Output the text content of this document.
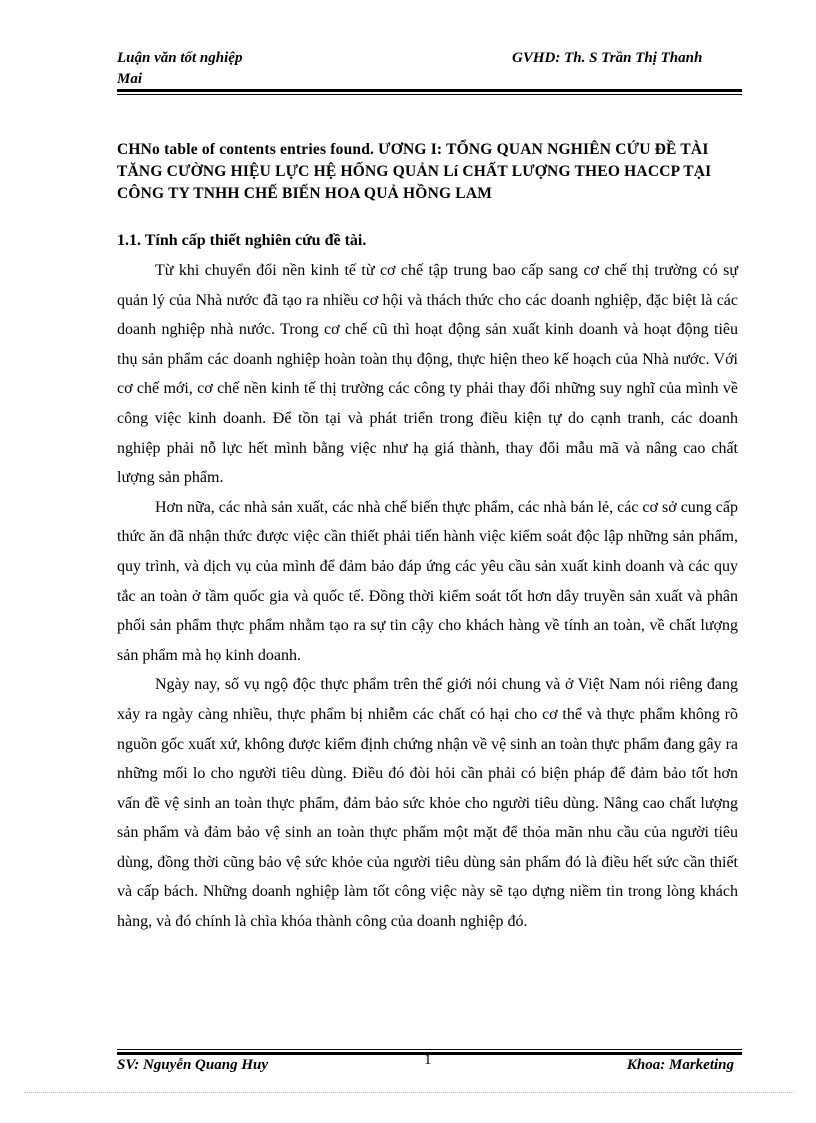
Luận văn tốt nghiệp	GVHD: Th. S Trần Thị Thanh
Mai
CHNo table of contents entries found. ƯƠNG I: TỔNG QUAN NGHIÊN CỨU ĐỀ TÀI TĂNG CƯỜNG HIỆU LỰC HỆ HỐNG QUẢN Lí CHẤT LƯỢNG THEO HACCP TẠI CÔNG TY TNHH CHẾ BIẾN HOA QUẢ HỒNG LAM
1.1. Tính cấp thiết nghiên cứu đề tài.

Từ khi chuyển đổi nền kinh tế từ cơ chế tập trung bao cấp sang cơ chế thị trường có sự quản lý của Nhà nước đã tạo ra nhiều cơ hội và thách thức cho các doanh nghiệp, đặc biệt là các doanh nghiệp nhà nước. Trong cơ chế cũ thì hoạt động sản xuất kinh doanh và hoạt động tiêu thụ sản phẩm các doanh nghiệp hoàn toàn thụ động, thực hiện theo kế hoạch của Nhà nước. Với cơ chế mới, cơ chế nền kinh tế thị trường các công ty phải thay đổi những suy nghĩ của mình về công việc kinh doanh. Để tồn tại và phát triển trong điều kiện tự do cạnh tranh, các doanh nghiệp phải nỗ lực hết mình bằng việc như hạ giá thành, thay đổi mẫu mã và nâng cao chất lượng sản phẩm.

Hơn nữa, các nhà sản xuất, các nhà chế biến thực phẩm, các nhà bán lẻ, các cơ sở cung cấp thức ăn đã nhận thức được việc cần thiết phải tiến hành việc kiểm soát độc lập những sản phẩm, quy trình, và dịch vụ của mình để đảm bảo đáp ứng các yêu cầu sản xuất kinh doanh và các quy tắc an toàn ở tầm quốc gia và quốc tế. Đồng thời kiểm soát tốt hơn dây truyền sản xuất và phân phối sản phẩm thực phẩm nhằm tạo ra sự tin cậy cho khách hàng về tính an toàn, về chất lượng sản phẩm mà họ kinh doanh.

Ngày nay, số vụ ngộ độc thực phẩm trên thế giới nói chung và ở Việt Nam nói riêng đang xảy ra ngày càng nhiều, thực phẩm bị nhiễm các chất có hại cho cơ thể và thực phẩm không rõ nguồn gốc xuất xứ, không được kiểm định chứng nhận về vệ sinh an toàn thực phẩm đang gây ra những mối lo cho người tiêu dùng. Điều đó đòi hỏi cần phải có biện pháp để đảm bảo tốt hơn vấn đề vệ sinh an toàn thực phẩm, đảm bảo sức khỏe cho người tiêu dùng. Nâng cao chất lượng sản phẩm và đảm bảo vệ sinh an toàn thực phẩm một mặt để thỏa mãn nhu cầu của người tiêu dùng, đồng thời cũng bảo vệ sức khỏe của người tiêu dùng sản phẩm đó là điều hết sức cần thiết và cấp bách. Những doanh nghiệp làm tốt công việc này sẽ tạo dựng niềm tin trong lòng khách hàng, và đó chính là chìa khóa thành công của doanh nghiệp đó.

1
SV: Nguyễn Quang Huy	Khoa: Marketing
